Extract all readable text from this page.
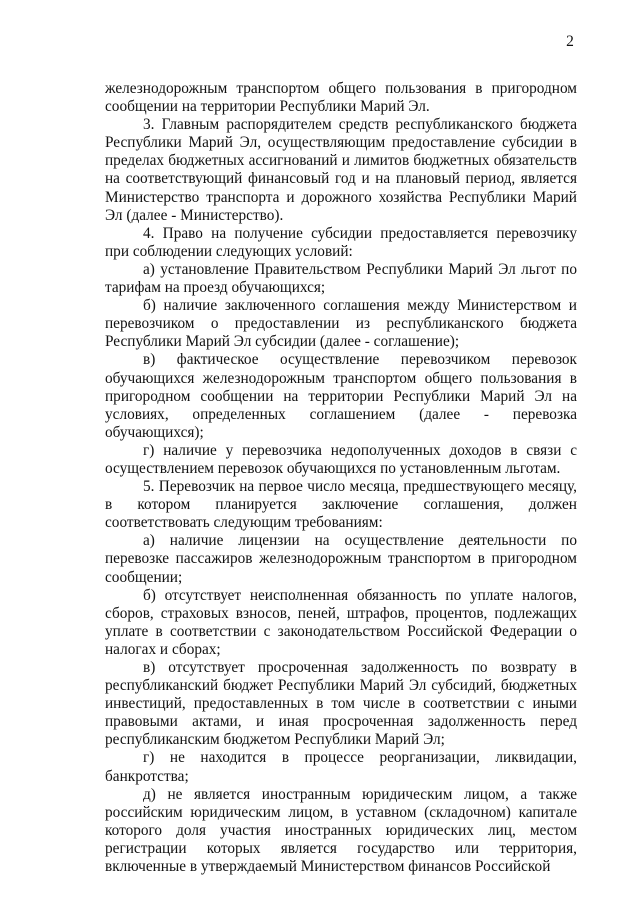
2

железнодорожным транспортом общего пользования в пригородном сообщении на территории Республики Марий Эл.

3. Главным распорядителем средств республиканского бюджета Республики Марий Эл, осуществляющим предоставление субсидии в пределах бюджетных ассигнований и лимитов бюджетных обязательств на соответствующий финансовый год и на плановый период, является Министерство транспорта и дорожного хозяйства Республики Марий Эл (далее - Министерство).

4. Право на получение субсидии предоставляется перевозчику при соблюдении следующих условий:

а) установление Правительством Республики Марий Эл льгот по тарифам на проезд обучающихся;

б) наличие заключенного соглашения между Министерством и перевозчиком о предоставлении из республиканского бюджета Республики Марий Эл субсидии (далее - соглашение);

в) фактическое осуществление перевозчиком перевозок обучающихся железнодорожным транспортом общего пользования в пригородном сообщении на территории Республики Марий Эл на условиях, определенных соглашением (далее - перевозка обучающихся);

г) наличие у перевозчика недополученных доходов в связи с осуществлением перевозок обучающихся по установленным льготам.

5. Перевозчик на первое число месяца, предшествующего месяцу, в котором планируется заключение соглашения, должен соответствовать следующим требованиям:

а) наличие лицензии на осуществление деятельности по перевозке пассажиров железнодорожным транспортом в пригородном сообщении;

б) отсутствует неисполненная обязанность по уплате налогов, сборов, страховых взносов, пеней, штрафов, процентов, подлежащих уплате в соответствии с законодательством Российской Федерации о налогах и сборах;

в) отсутствует просроченная задолженность по возврату в республиканский бюджет Республики Марий Эл субсидий, бюджетных инвестиций, предоставленных в том числе в соответствии с иными правовыми актами, и иная просроченная задолженность перед республиканским бюджетом Республики Марий Эл;

г) не находится в процессе реорганизации, ликвидации, банкротства;

д) не является иностранным юридическим лицом, а также российским юридическим лицом, в уставном (складочном) капитале которого доля участия иностранных юридических лиц, местом регистрации которых является государство или территория, включенные в утверждаемый Министерством финансов Российской
